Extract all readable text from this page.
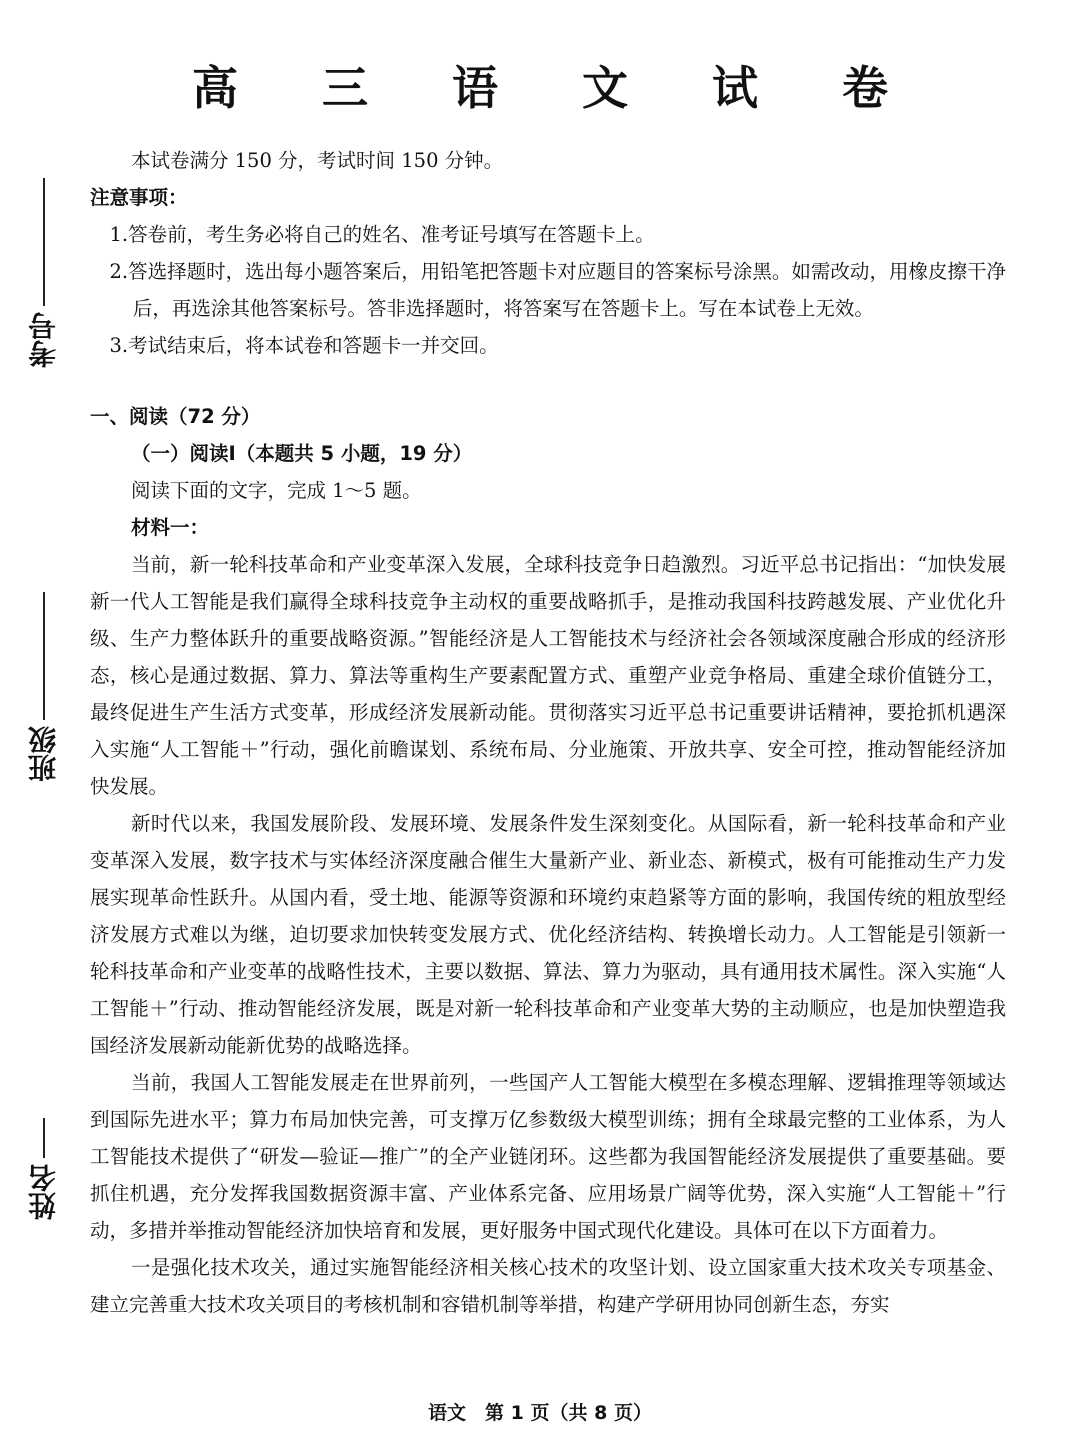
考号
班级
姓名
高 三 语 文 试 卷

本试卷满分 150 分，考试时间 150 分钟。

注意事项：

1.答卷前，考生务必将自己的姓名、准考证号填写在答题卡上。

2.答选择题时，选出每小题答案后，用铅笔把答题卡对应题目的答案标号涂黑。如需改动，用橡皮擦干净后，再选涂其他答案标号。答非选择题时，将答案写在答题卡上。写在本试卷上无效。

3.考试结束后，将本试卷和答题卡一并交回。

一、阅读（72 分）

（一）阅读Ⅰ（本题共 5 小题，19 分）

阅读下面的文字，完成 1～5 题。

材料一：

当前，新一轮科技革命和产业变革深入发展，全球科技竞争日趋激烈。习近平总书记指出：“加快发展新一代人工智能是我们赢得全球科技竞争主动权的重要战略抓手，是推动我国科技跨越发展、产业优化升级、生产力整体跃升的重要战略资源。”智能经济是人工智能技术与经济社会各领域深度融合形成的经济形态，核心是通过数据、算力、算法等重构生产要素配置方式、重塑产业竞争格局、重建全球价值链分工，最终促进生产生活方式变革，形成经济发展新动能。贯彻落实习近平总书记重要讲话精神，要抢抓机遇深入实施“人工智能＋”行动，强化前瞻谋划、系统布局、分业施策、开放共享、安全可控，推动智能经济加快发展。

新时代以来，我国发展阶段、发展环境、发展条件发生深刻变化。从国际看，新一轮科技革命和产业变革深入发展，数字技术与实体经济深度融合催生大量新产业、新业态、新模式，极有可能推动生产力发展实现革命性跃升。从国内看，受土地、能源等资源和环境约束趋紧等方面的影响，我国传统的粗放型经济发展方式难以为继，迫切要求加快转变发展方式、优化经济结构、转换增长动力。人工智能是引领新一轮科技革命和产业变革的战略性技术，主要以数据、算法、算力为驱动，具有通用技术属性。深入实施“人工智能＋”行动、推动智能经济发展，既是对新一轮科技革命和产业变革大势的主动顺应，也是加快塑造我国经济发展新动能新优势的战略选择。

当前，我国人工智能发展走在世界前列，一些国产人工智能大模型在多模态理解、逻辑推理等领域达到国际先进水平；算力布局加快完善，可支撑万亿参数级大模型训练；拥有全球最完整的工业体系，为人工智能技术提供了“研发—验证—推广”的全产业链闭环。这些都为我国智能经济发展提供了重要基础。要抓住机遇，充分发挥我国数据资源丰富、产业体系完备、应用场景广阔等优势，深入实施“人工智能＋”行动，多措并举推动智能经济加快培育和发展，更好服务中国式现代化建设。具体可在以下方面着力。

一是强化技术攻关，通过实施智能经济相关核心技术的攻坚计划、设立国家重大技术攻关专项基金、建立完善重大技术攻关项目的考核机制和容错机制等举措，构建产学研用协同创新生态，夯实

语文　第 1 页（共 8 页）
